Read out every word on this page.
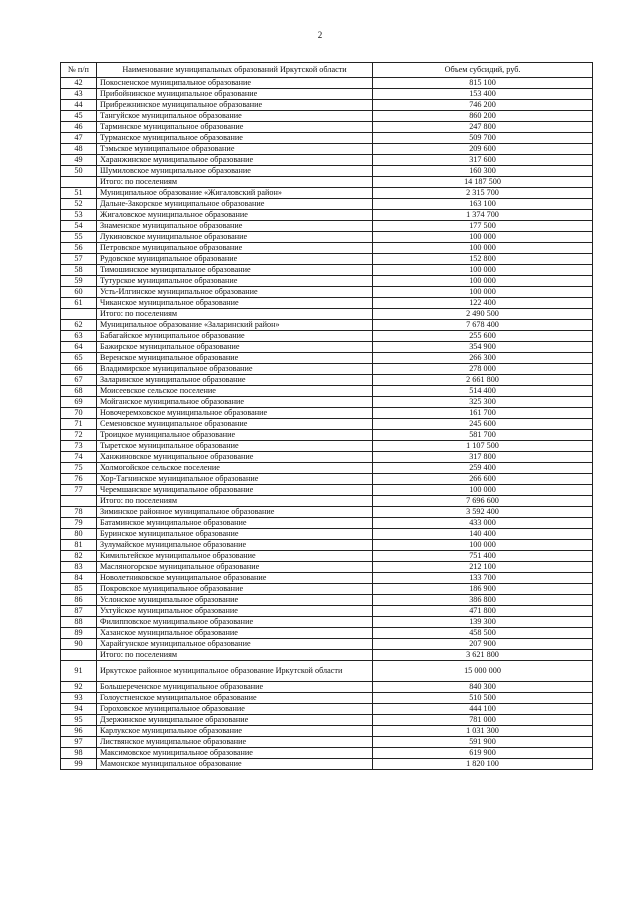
2
№ п/п	Наименование муниципальных образований Иркутской области	Объем субсидий, руб.
42	Покосненское муниципальное образование	815 100
43	Прибойнинское муниципальное образование	153 400
44	Прибрежнинское муниципальное образование	746 200
45	Тангуйское муниципальное образование	860 200
46	Тарминское муниципальное образование	247 800
47	Турманское муниципальное образование	509 700
48	Тэмьское муниципальное образование	209 600
49	Харанжинское муниципальное образование	317 600
50	Шумиловское муниципальное образование	160 300
	Итого: по поселениям	14 187 500
51	Муниципальное образование «Жигаловский район»	2 315 700
52	Дальне-Закорское муниципальное образование	163 100
53	Жигаловское муниципальное образование	1 374 700
54	Знаменское муниципальное образование	177 500
55	Лукиновское муниципальное образование	100 000
56	Петровское муниципальное образование	100 000
57	Рудовское муниципальное образование	152 800
58	Тимошинское муниципальное образование	100 000
59	Тутурское муниципальное образование	100 000
60	Усть-Илгинское муниципальное образование	100 000
61	Чиканское муниципальное образование	122 400
	Итого: по поселениям	2 490 500
62	Муниципальное образование «Заларинский район»	7 678 400
63	Бабагайское муниципальное образование	255 600
64	Бажирское муниципальное образование	354 900
65	Веренское муниципальное образование	266 300
66	Владимирское муниципальное образование	278 000
67	Заларинское муниципальное образование	2 661 800
68	Моисеевское сельское поселение	514 400
69	Мойганское муниципальное образование	325 300
70	Новочеремховское муниципальное образование	161 700
71	Семеновское муниципальное образование	245 600
72	Троицкое муниципальное образование	581 700
73	Тыретское муниципальное образование	1 107 500
74	Ханжиновское муниципальное образование	317 800
75	Холмогойское сельское поселение	259 400
76	Хор-Тагнинское муниципальное образование	266 600
77	Черемшанское муниципальное образование	100 000
	Итого: по поселениям	7 696 600
78	Зиминское районное муниципальное образование	3 592 400
79	Батаминское муниципальное образование	433 000
80	Буринское муниципальное образование	140 400
81	Зулумайское муниципальное образование	100 000
82	Кимильтейское муниципальное образование	751 400
83	Масляногорское муниципальное образование	212 100
84	Новолетниковское муниципальное образование	133 700
85	Покровское муниципальное образование	186 900
86	Услонское муниципальное образование	386 800
87	Ухтуйское муниципальное образование	471 800
88	Филипповское муниципальное образование	139 300
89	Хазанское муниципальное образование	458 500
90	Харайгунское муниципальное образование	207 900
	Итого: по поселениям	3 621 800
91	Иркутское районное муниципальное образование Иркутской области	15 000 000
92	Большереченское муниципальное образование	840 300
93	Голоустненское муниципальное образование	510 500
94	Гороховское муниципальное образование	444 100
95	Дзержинское муниципальное образование	781 000
96	Карлукское муниципальное образование	1 031 300
97	Листвянское муниципальное образование	591 900
98	Максимовское муниципальное образование	619 900
99	Мамонское муниципальное образование	1 820 100
